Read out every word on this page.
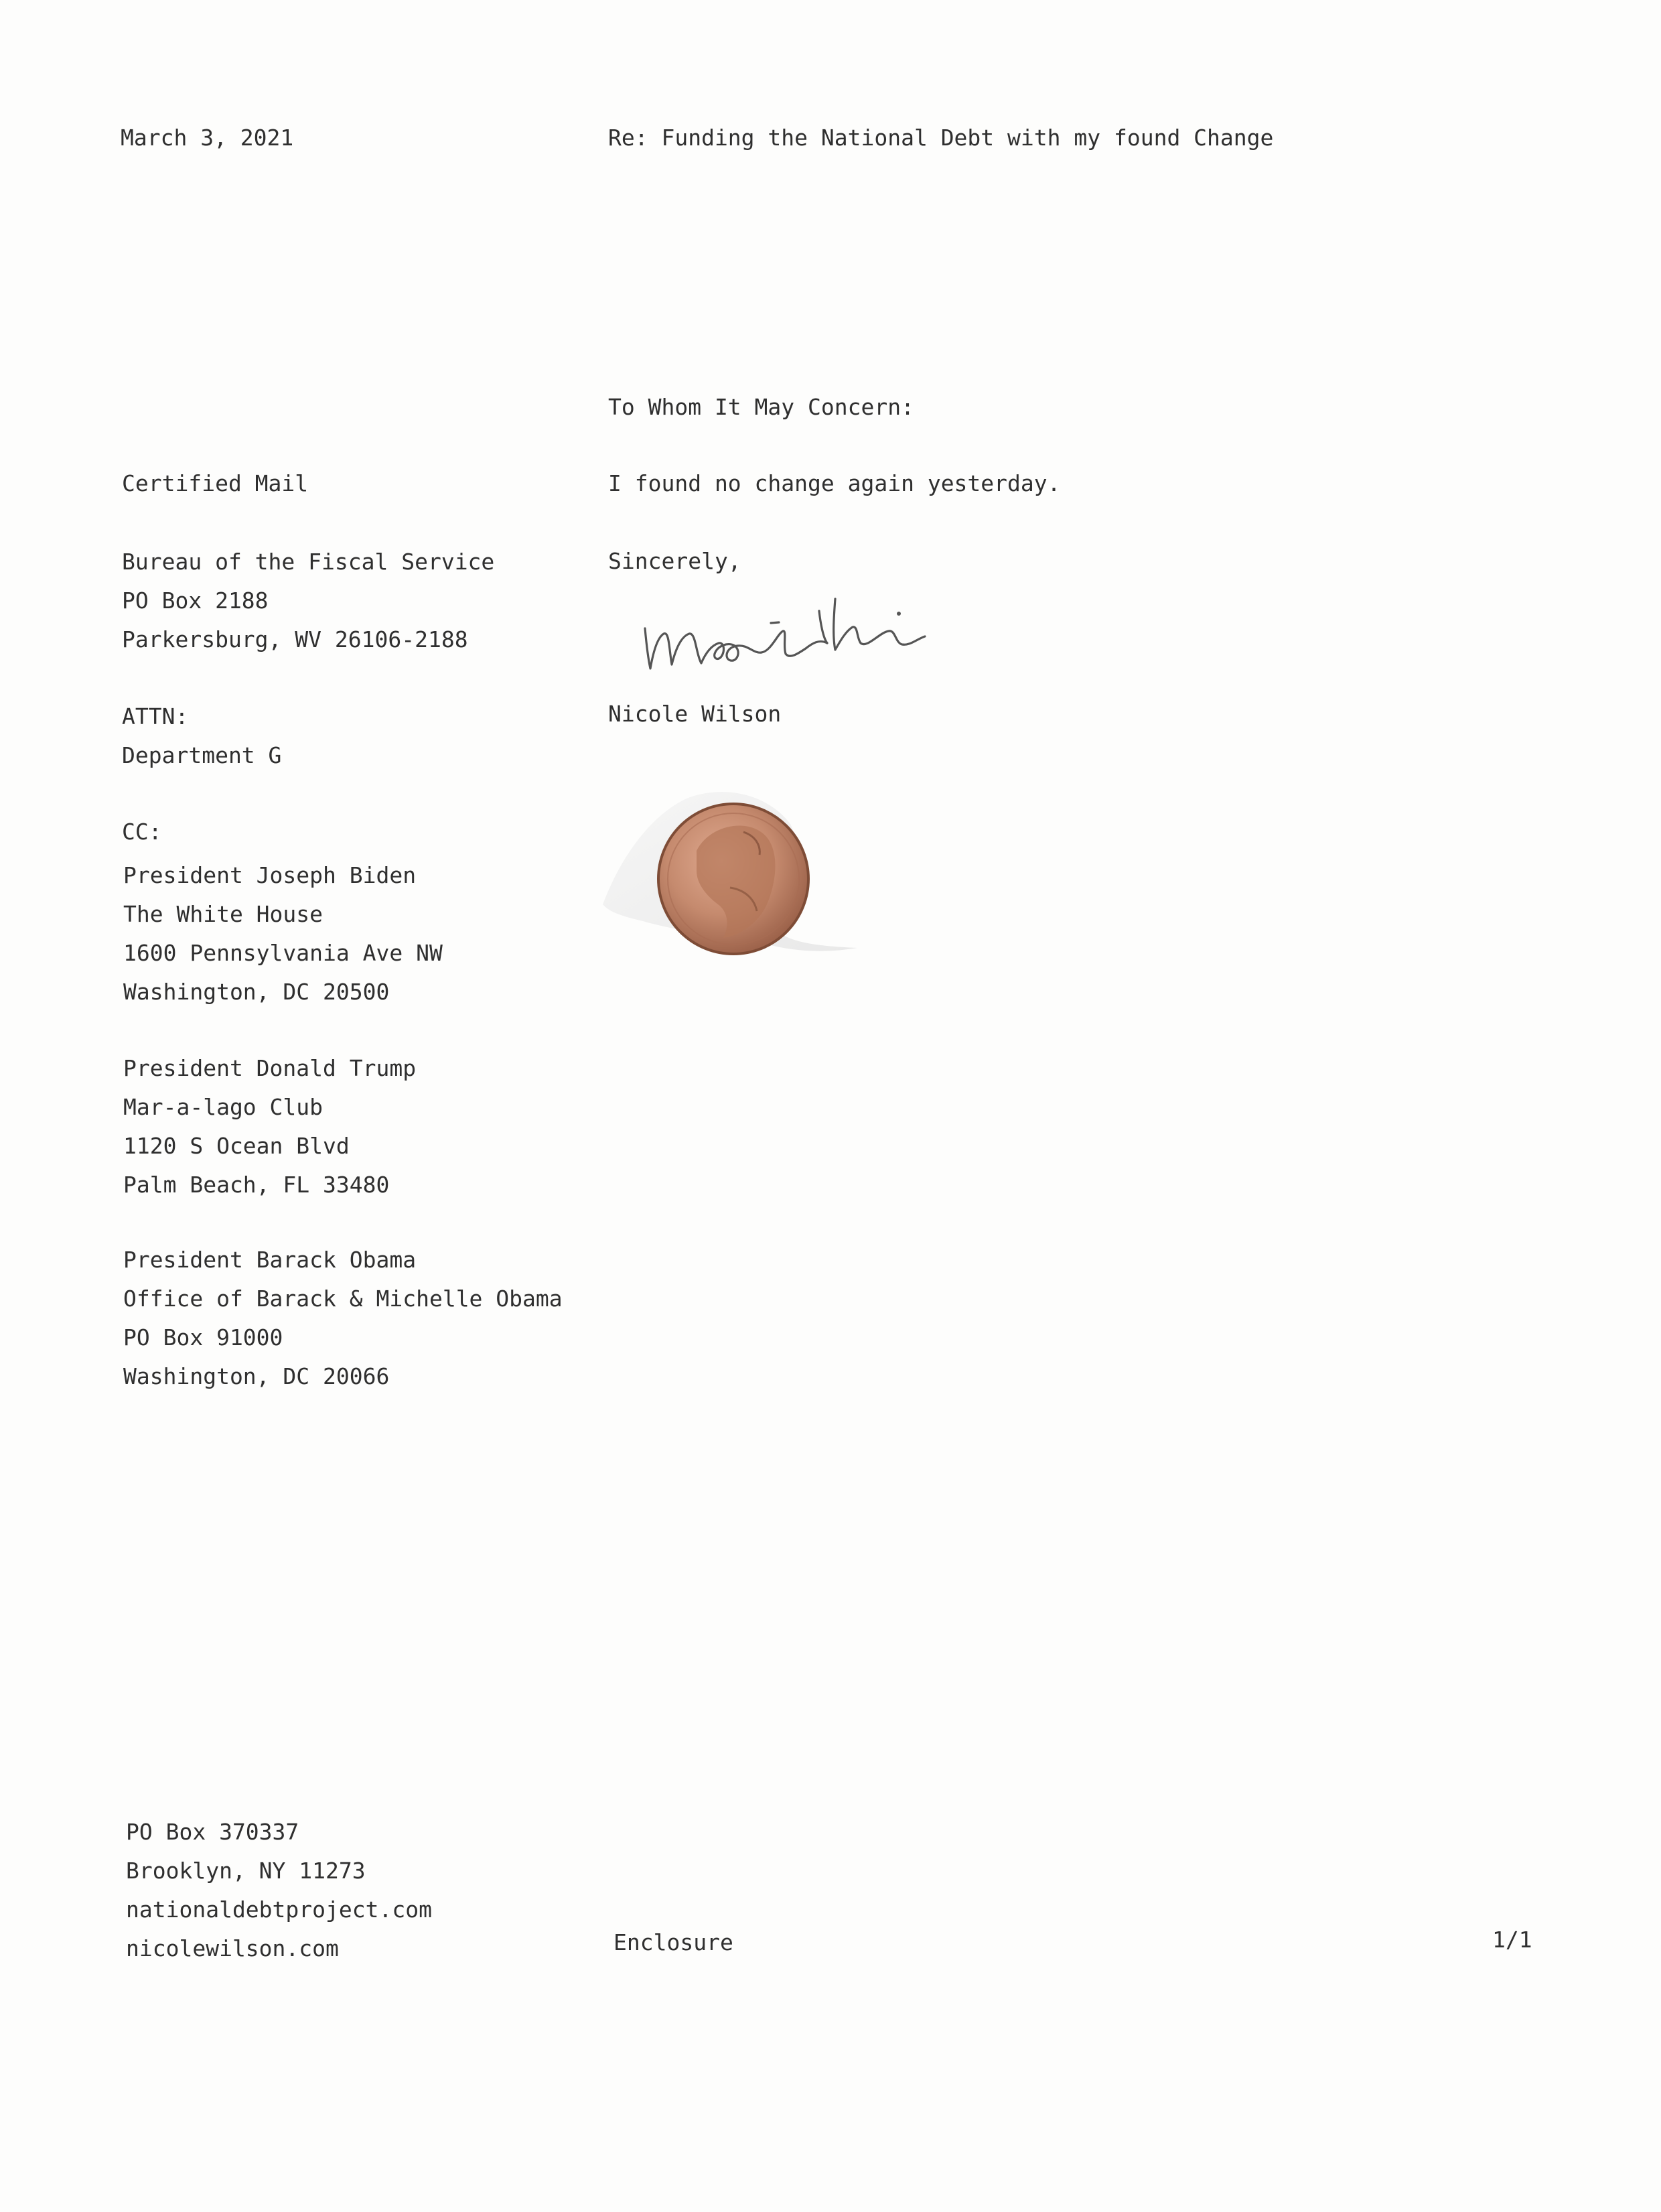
March 3, 2021	Re: Funding the National Debt with my found Change

To Whom It May Concern:

Certified Mail	I found no change again yesterday.

Bureau of the Fiscal Service
PO Box 2188
Parkersburg, WV 26106-2188

Sincerely,

Nicole Wilson

ATTN:

Department G

CC:

President Joseph Biden
The White House
1600 Pennsylvania Ave NW
Washington, DC 20500
President Donald Trump
Mar-a-lago Club
1120 S Ocean Blvd
Palm Beach, FL 33480
President Barack Obama
Office of Barack & Michelle Obama
PO Box 91000
Washington, DC 20066
PO Box 370337
Brooklyn, NY 11273
nationaldebtproject.com
nicolewilson.com	Enclosure	1/1
